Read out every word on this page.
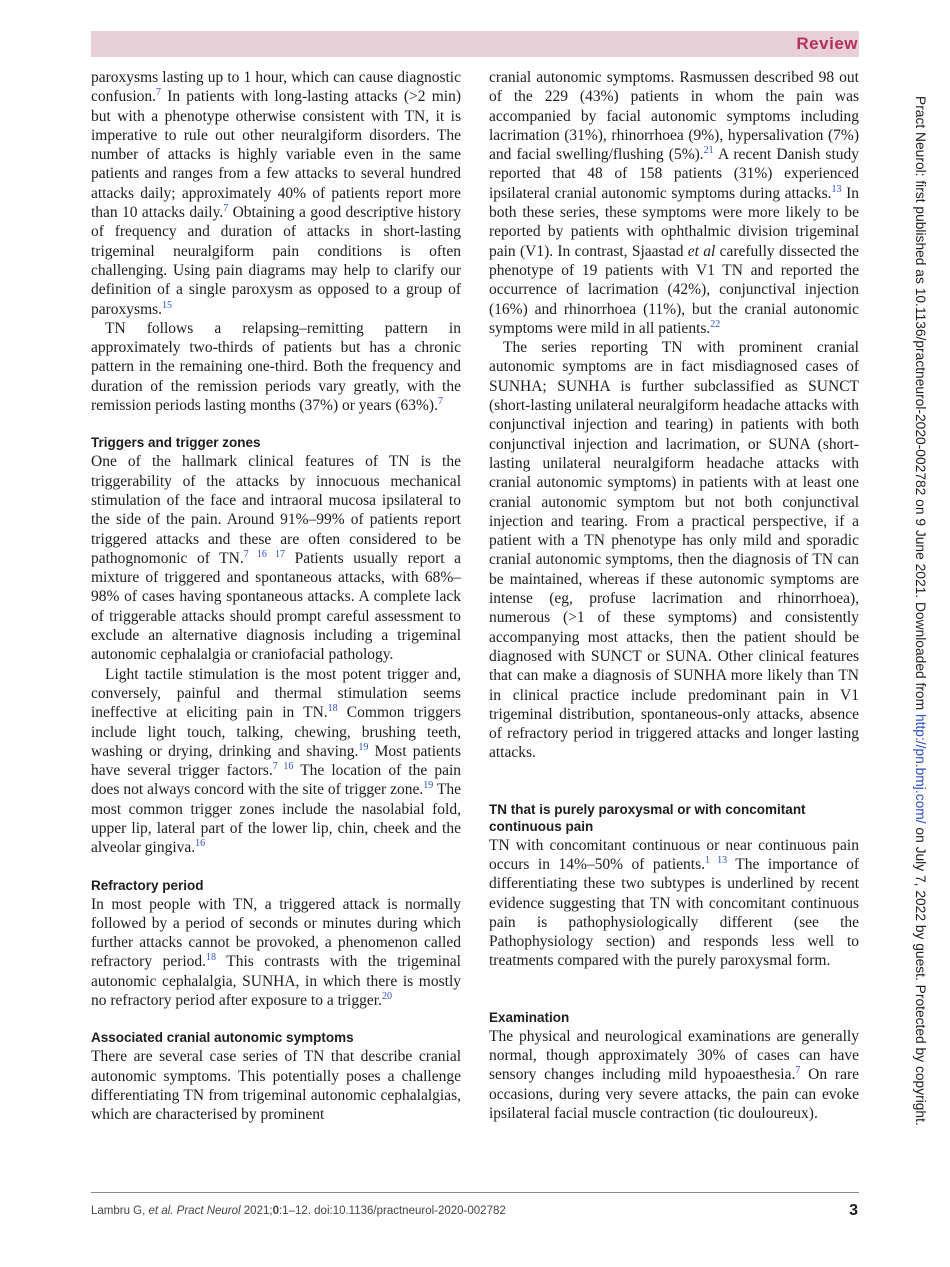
Review

paroxysms lasting up to 1 hour, which can cause diagnostic confusion.$^7$ In patients with long-lasting attacks (>2 min) but with a phenotype otherwise consistent with TN, it is imperative to rule out other neuralgiform disorders. The number of attacks is highly variable even in the same patients and ranges from a few attacks to several hundred attacks daily; approximately 40% of patients report more than 10 attacks daily.$^7$ Obtaining a good descriptive history of frequency and duration of attacks in short-lasting trigeminal neuralgiform pain conditions is often challenging. Using pain diagrams may help to clarify our definition of a single paroxysm as opposed to a group of paroxysms.$^{15}$

TN follows a relapsing–remitting pattern in approximately two-thirds of patients but has a chronic pattern in the remaining one-third. Both the frequency and duration of the remission periods vary greatly, with the remission periods lasting months (37%) or years (63%).$^7$

Triggers and trigger zones

One of the hallmark clinical features of TN is the triggerability of the attacks by innocuous mechanical stimulation of the face and intraoral mucosa ipsilateral to the side of the pain. Around 91%–99% of patients report triggered attacks and these are often considered to be pathognomonic of TN.$^{7 16 17}$ Patients usually report a mixture of triggered and spontaneous attacks, with 68%–98% of cases having spontaneous attacks. A complete lack of triggerable attacks should prompt careful assessment to exclude an alternative diagnosis including a trigeminal autonomic cephalalgia or craniofacial pathology.

Light tactile stimulation is the most potent trigger and, conversely, painful and thermal stimulation seems ineffective at eliciting pain in TN.$^{18}$ Common triggers include light touch, talking, chewing, brushing teeth, washing or drying, drinking and shaving.$^{19}$ Most patients have several trigger factors.$^{7 16}$ The location of the pain does not always concord with the site of trigger zone.$^{19}$ The most common trigger zones include the nasolabial fold, upper lip, lateral part of the lower lip, chin, cheek and the alveolar gingiva.$^{16}$

Refractory period

In most people with TN, a triggered attack is normally followed by a period of seconds or minutes during which further attacks cannot be provoked, a phenomenon called refractory period.$^{18}$ This contrasts with the trigeminal autonomic cephalalgia, SUNHA, in which there is mostly no refractory period after exposure to a trigger.$^{20}$

Associated cranial autonomic symptoms

There are several case series of TN that describe cranial autonomic symptoms. This potentially poses a challenge differentiating TN from trigeminal autonomic cephalalgias, which are characterised by prominent

cranial autonomic symptoms. Rasmussen described 98 out of the 229 (43%) patients in whom the pain was accompanied by facial autonomic symptoms including lacrimation (31%), rhinorrhoea (9%), hypersalivation (7%) and facial swelling/flushing (5%).$^{21}$ A recent Danish study reported that 48 of 158 patients (31%) experienced ipsilateral cranial autonomic symptoms during attacks.$^{13}$ In both these series, these symptoms were more likely to be reported by patients with ophthalmic division trigeminal pain (V1). In contrast, Sjaastad et al carefully dissected the phenotype of 19 patients with V1 TN and reported the occurrence of lacrimation (42%), conjunctival injection (16%) and rhinorrhoea (11%), but the cranial autonomic symptoms were mild in all patients.$^{22}$

The series reporting TN with prominent cranial autonomic symptoms are in fact misdiagnosed cases of SUNHA; SUNHA is further subclassified as SUNCT (short-lasting unilateral neuralgiform headache attacks with conjunctival injection and tearing) in patients with both conjunctival injection and lacrimation, or SUNA (short-lasting unilateral neuralgiform headache attacks with cranial autonomic symptoms) in patients with at least one cranial autonomic symptom but not both conjunctival injection and tearing. From a practical perspective, if a patient with a TN phenotype has only mild and sporadic cranial autonomic symptoms, then the diagnosis of TN can be maintained, whereas if these autonomic symptoms are intense (eg, profuse lacrimation and rhinorrhoea), numerous (>1 of these symptoms) and consistently accompanying most attacks, then the patient should be diagnosed with SUNCT or SUNA. Other clinical features that can make a diagnosis of SUNHA more likely than TN in clinical practice include predominant pain in V1 trigeminal distribution, spontaneous-only attacks, absence of refractory period in triggered attacks and longer lasting attacks.

TN that is purely paroxysmal or with concomitant continuous pain

TN with concomitant continuous or near continuous pain occurs in 14%–50% of patients.$^{1 13}$ The importance of differentiating these two subtypes is underlined by recent evidence suggesting that TN with concomitant continuous pain is pathophysiologically different (see the Pathophysiology section) and responds less well to treatments compared with the purely paroxysmal form.

Examination

The physical and neurological examinations are generally normal, though approximately 30% of cases can have sensory changes including mild hypoaesthesia.$^7$ On rare occasions, during very severe attacks, the pain can evoke ipsilateral facial muscle contraction (tic douloureux).

Pract Neurol: first published as 10.1136/practneurol-2020-002782 on 9 June 2021. Downloaded from http://pn.bmj.com/ on July 7, 2022 by guest. Protected by copyright.
Lambru G, et al. Pract Neurol 2021;0:1–12. doi:10.1136/practneurol-2020-002782	3
